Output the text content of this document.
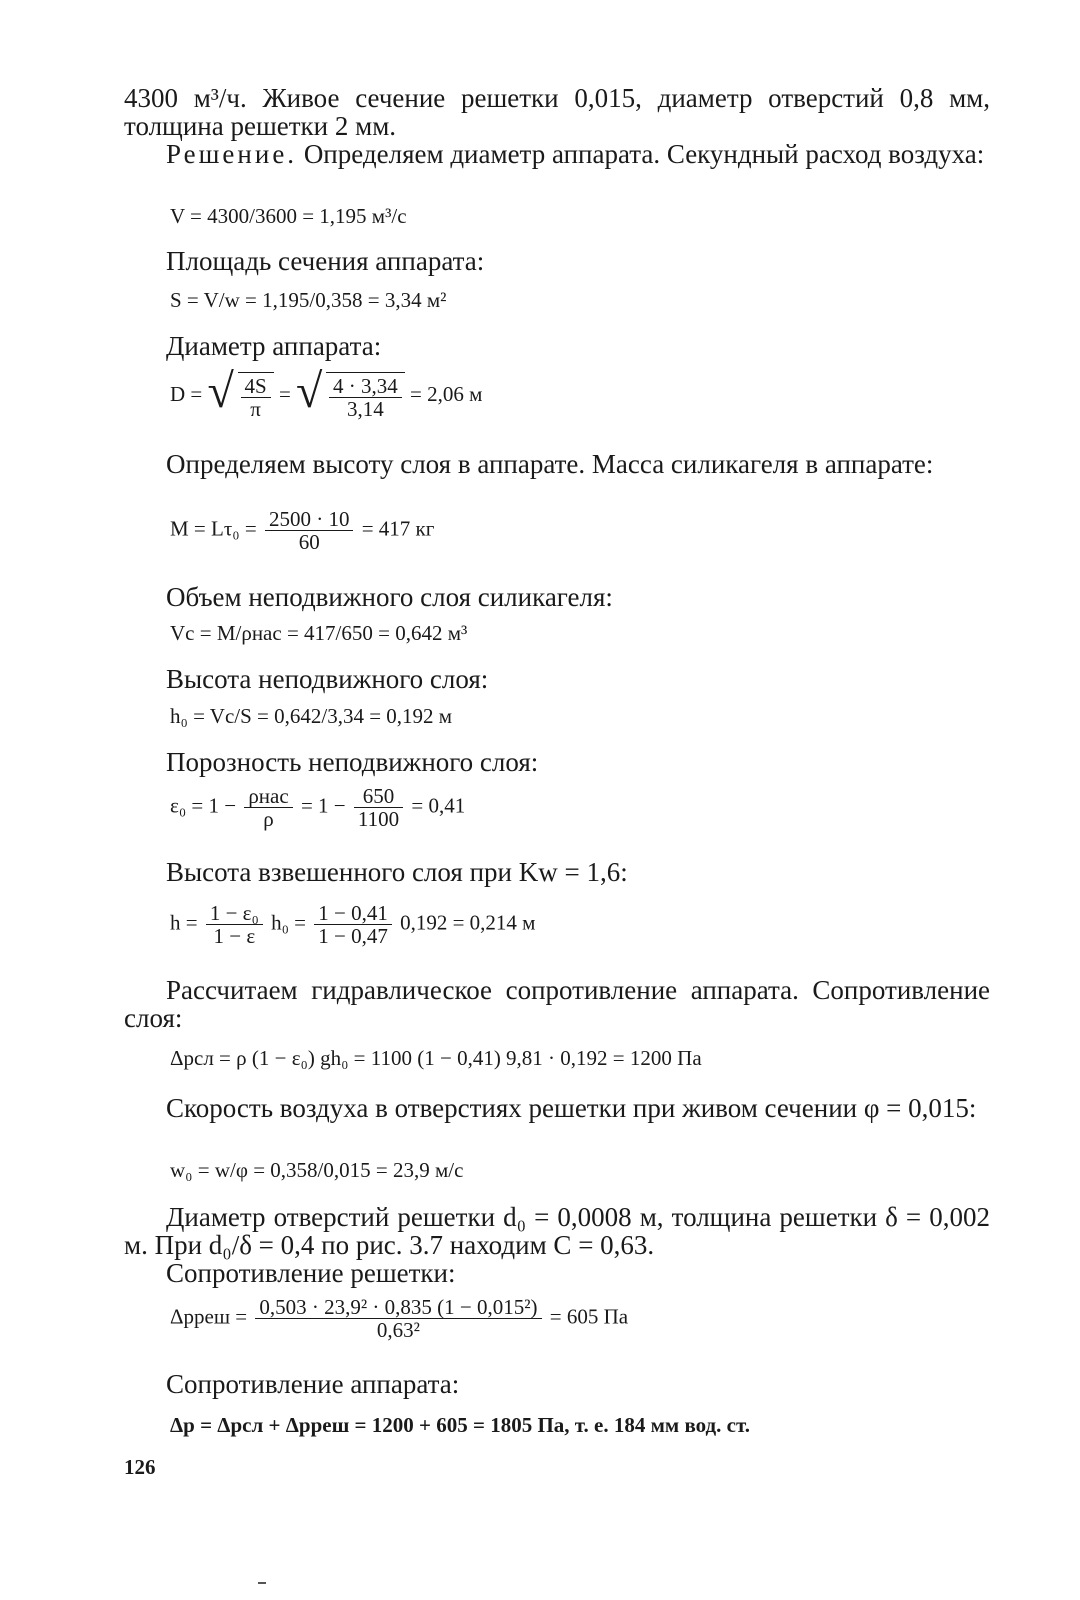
4300 м³/ч. Живое сечение решетки 0,015, диаметр отверстий 0,8 мм, толщина решетки 2 мм.

Решение. Определяем диаметр аппарата. Секундный расход воздуха:

V = 4300/3600 = 1,195 м³/с

Площадь сечения аппарата:

S = V/w = 1,195/0,358 = 3,34 м²

Диаметр аппарата:

D = √ $\frac{4S}{\pi}$ = √ $\frac{4 \cdot 3,34}{3,14} = 2,06$ м

Определяем высоту слоя в аппарате. Масса силикагеля в аппарате:

$M = L\tau_0 = \frac{2500 \cdot 10}{60} = 417$ кг

Объем неподвижного слоя силикагеля:

Vс = M/ρнас = 417/650 = 0,642 м³

Высота неподвижного слоя:

h₀ = Vс/S = 0,642/3,34 = 0,192 м

Порозность неподвижного слоя:

$\varepsilon_0 = 1 - \frac{\text{ρнас}}{\rho} = 1 - \frac{650}{1100} = 0,41$

Высота взвешенного слоя при Kw = 1,6:

$h = \frac{\text{1 − ε₀}}{1 - \varepsilon} h_0 = \frac{1 - 0,41}{1 - 0,47} 0,192 = 0,214$ м

Рассчитаем гидравлическое сопротивление аппарата. Сопротивление слоя:

Δpсл = ρ (1 − ε₀) gh₀ = 1100 (1 − 0,41) 9,81 · 0,192 = 1200 Па

Скорость воздуха в отверстиях решетки при живом сечении φ = 0,015:

w₀ = w/φ = 0,358/0,015 = 23,9 м/с

Диаметр отверстий решетки d₀ = 0,0008 м, толщина решетки δ = 0,002 м. При d₀/δ = 0,4 по рис. 3.7 находим C = 0,63.

Сопротивление решетки:

Δpреш = $\frac{\text{0,503 · 23,9² · 0,835 (1 − 0,015²)}}{\text{0,63²}} = 605$ Па

Сопротивление аппарата:

Δp = Δpсл + Δpреш = 1200 + 605 = 1805 Па, т. е. 184 мм вод. ст.
126
